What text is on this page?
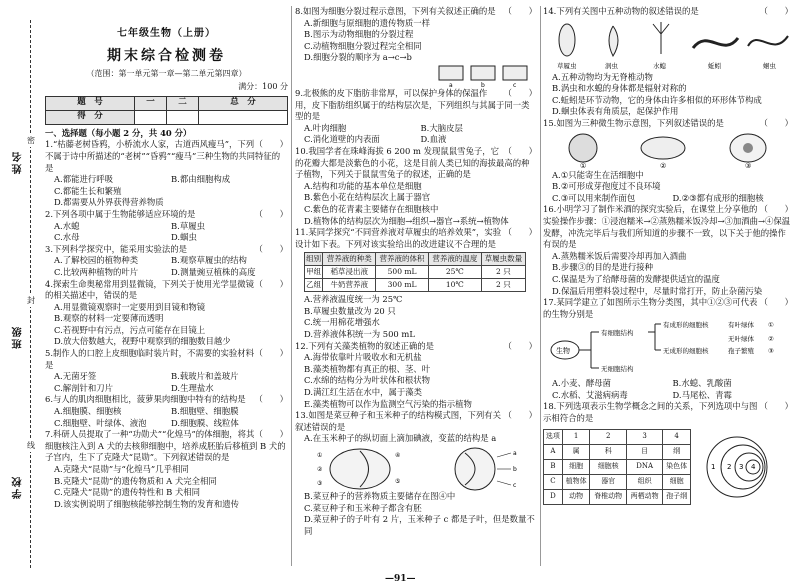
姓名
班级
学校
密
封
线
七年级生物（上册）
期末综合检测卷
（范围：第一单元第一章—第二单元第四章）
满分：100 分
题　号	一	二	总　分
得　分			
一、选择题（每小题 2 分，共 40 分）
（　　）
1.“枯藤老树昏鸦，小桥流水人家，古道西风瘦马”，下列不属于诗中所描述的“老树”“昏鸦”“瘦马”三种生物的共同特征的是
A.都能进行呼吸	B.都由细胞构成
C.都能生长和繁殖
D.都需要从外界获得营养物质
（　　）
2.下列各项中属于生物能够适应环境的是
A.水螅	B.草履虫
C.水母	D.蝈虫
（　　）
3.下列科学探究中，能采用实验法的是
A.了解校园的植物种类	B.观察草履虫的结构
C.比较两种植物的叶片	D.测量豌豆植株的高度
（　　）
4.探索生命奥秘常用到显微镜，下列关于使用光学显微镜的相关描述中，错误的是
A.用显微镜观察时一定要用到目镜和物镜
B.观察的材料一定要薄而透明
C.若视野中有污点，污点可能存在目镜上
D.放大倍数越大，视野中观察到的细胞数目越少
（　　）
5.制作人的口腔上皮细胞临时装片时，不需要的实验材料是
A.无菌牙签	B.载玻片和盖玻片
C.解剖针和刀片	D.生理盐水
（　　）
6.与人的肌肉细胞相比，菠萝果肉细胞中特有的结构是
A.细胞膜、细胞核	B.细胞壁、细胞膜
C.细胞壁、叶绿体、液泡	D.细胞膜、线粒体
（　　）
7.科研人员提取了一种“功勋犬”“化煌马”的体细胞，将其细胞核注入到 A 犬的去核卵细胞中，培养成胚胎后移植到 B 犬的子宫内，生下了克隆犬“昆勋”。下列叙述错误的是
A.克隆犬“昆勋”与“化煌马”几乎相同
B.克隆犬“昆勋”的遗传物质和 A 犬完全相同
C.克隆犬“昆勋”的遗传特性和 B 犬相同
D.该实例说明了细胞核能够控制生物的发育和遗传
（　　）
8.如图为细胞分裂过程示意图，下列有关叙述正确的是
A.新细胞与原细胞的遗传物质一样
B.图示为动物细胞的分裂过程
C.动植物细胞分裂过程完全相同
D.细胞分裂的顺序为 a→c→b
a	b	c
（　　）
9.北极熊的皮下脂肪非常厚，可以保护身体的保温作用，皮下脂肪组织属于的结构层次是，下列组织与其属于同一类型的是
A.叶肉细胞	B.大脑皮层
C.消化道壁的内表面	D.血液
（　　）
10.我国学者在珠峰海拔 6 200 m 发现鼠鼠雪兔子，它的花瓣大都是淡紫色的小花，这是目前人类已知的海拔最高的种子植物，下列关于鼠鼠雪兔子的叙述，正确的是
A.结构和功能的基本单位是细胞
B.紫色小花在结构层次上属于器官
C.紫色的花青素主要储存在细胞核中
D.植物体的结构层次为细胞→组织→器官→系统→植物体
（　　）
11.某同学探究“不同营养液对草履虫的培养效果”，实验设计如下表。下列对该实验给出的改进建议不合理的是
组别	营养液的种类	营养液的体积	营养液的温度	草履虫数量
甲组	稻草浸出液	500 mL	25℃	2 只
乙组	牛奶营养液	300 mL	10℃	2 只
A.营养液温度统一为 25℃
B.草履虫数量改为 20 只
C.统一用棉花增强水
D.营养液体积统一为 500 mL
（　　）
12.下列有关藻类植物的叙述正确的是
A.海带依靠叶片吸收水和无机盐
B.藻类植物都有真正的根、茎、叶
C.水绵的结构分为叶状体和根状物
D.满江红生活在水中，属于藻类
E.藻类植物可以作为监测空气污染的指示植物
（　　）
13.如图是菜豆种子和玉米种子的结构模式图，下列有关叙述错误的是
A.在玉米种子的纵切面上滴加碘液，变蓝的结构是 a
a
b
c
①
②
③
④
⑤
B.菜豆种子的营养物质主要储存在图④中
C.菜豆种子和玉米种子都含有胚
D.菜豆种子的子叶有 2 片，玉米种子 c 都是子叶，但是数量不同
（　　）
14.下列有关图中五种动物的叙述错误的是
草履虫	涡虫	水螅	蚯蚓	蛔虫
A.五种动物均为无脊椎动物
B.涡虫和水螅的身体都是辐射对称的
C.蚯蚓是环节动物，它的身体由许多相似的环形体节构成
D.蛔虫体表有角质层，起保护作用
（　　）
15.如图为三种微生物示意图，下列叙述错误的是
①	②	③
A.①只能寄生在活细胞中
B.②可形成芽孢度过不良环境
C.③可以用来制作面包	D.②③都有成形的细胞核
（　　）
16.小明学习了制作米酒的探究实验后，在课堂上分享他的实验操作步骤：①浸泡糯米→②蒸熟糯米饭冷却→③加酒曲→④保温发酵，冲洗完毕后与我们所知道的步骤不一致，以下关于他的操作有误的是
A.蒸熟糯米饭后需要冷却再加入酒曲
B.步骤③的目的是进行接种
C.保温是为了给酵母菌的发酵提供适宜的温度
D.保温后用塑料袋过程中，尽量时常打开，防止杂菌污染
（　　）
17.某同学建立了如图所示生物分类图，其中①②③可代表的生物分别是
生物
有细胞结构
无细胞结构
有成形的细胞核
无成形的细胞核
有叶绿体
无叶绿体
①
②
孢子繁殖 ③
A.小麦、酵母菌	B.水螅、乳酸菌
C.水稻、艾滋病病毒	D.马尾松、青霉
（　　）
18.下列选项表示生物学概念之间的关系，下列选项中与图示相符合的是
选项	1	2	3	4
A	属	科	目	纲
B	细胞	细胞核	DNA	染色体
C	植物体	器官	组织	细胞
D	动物	脊椎动物	两栖动物	孢子纲
1 2 3 4
—91—
